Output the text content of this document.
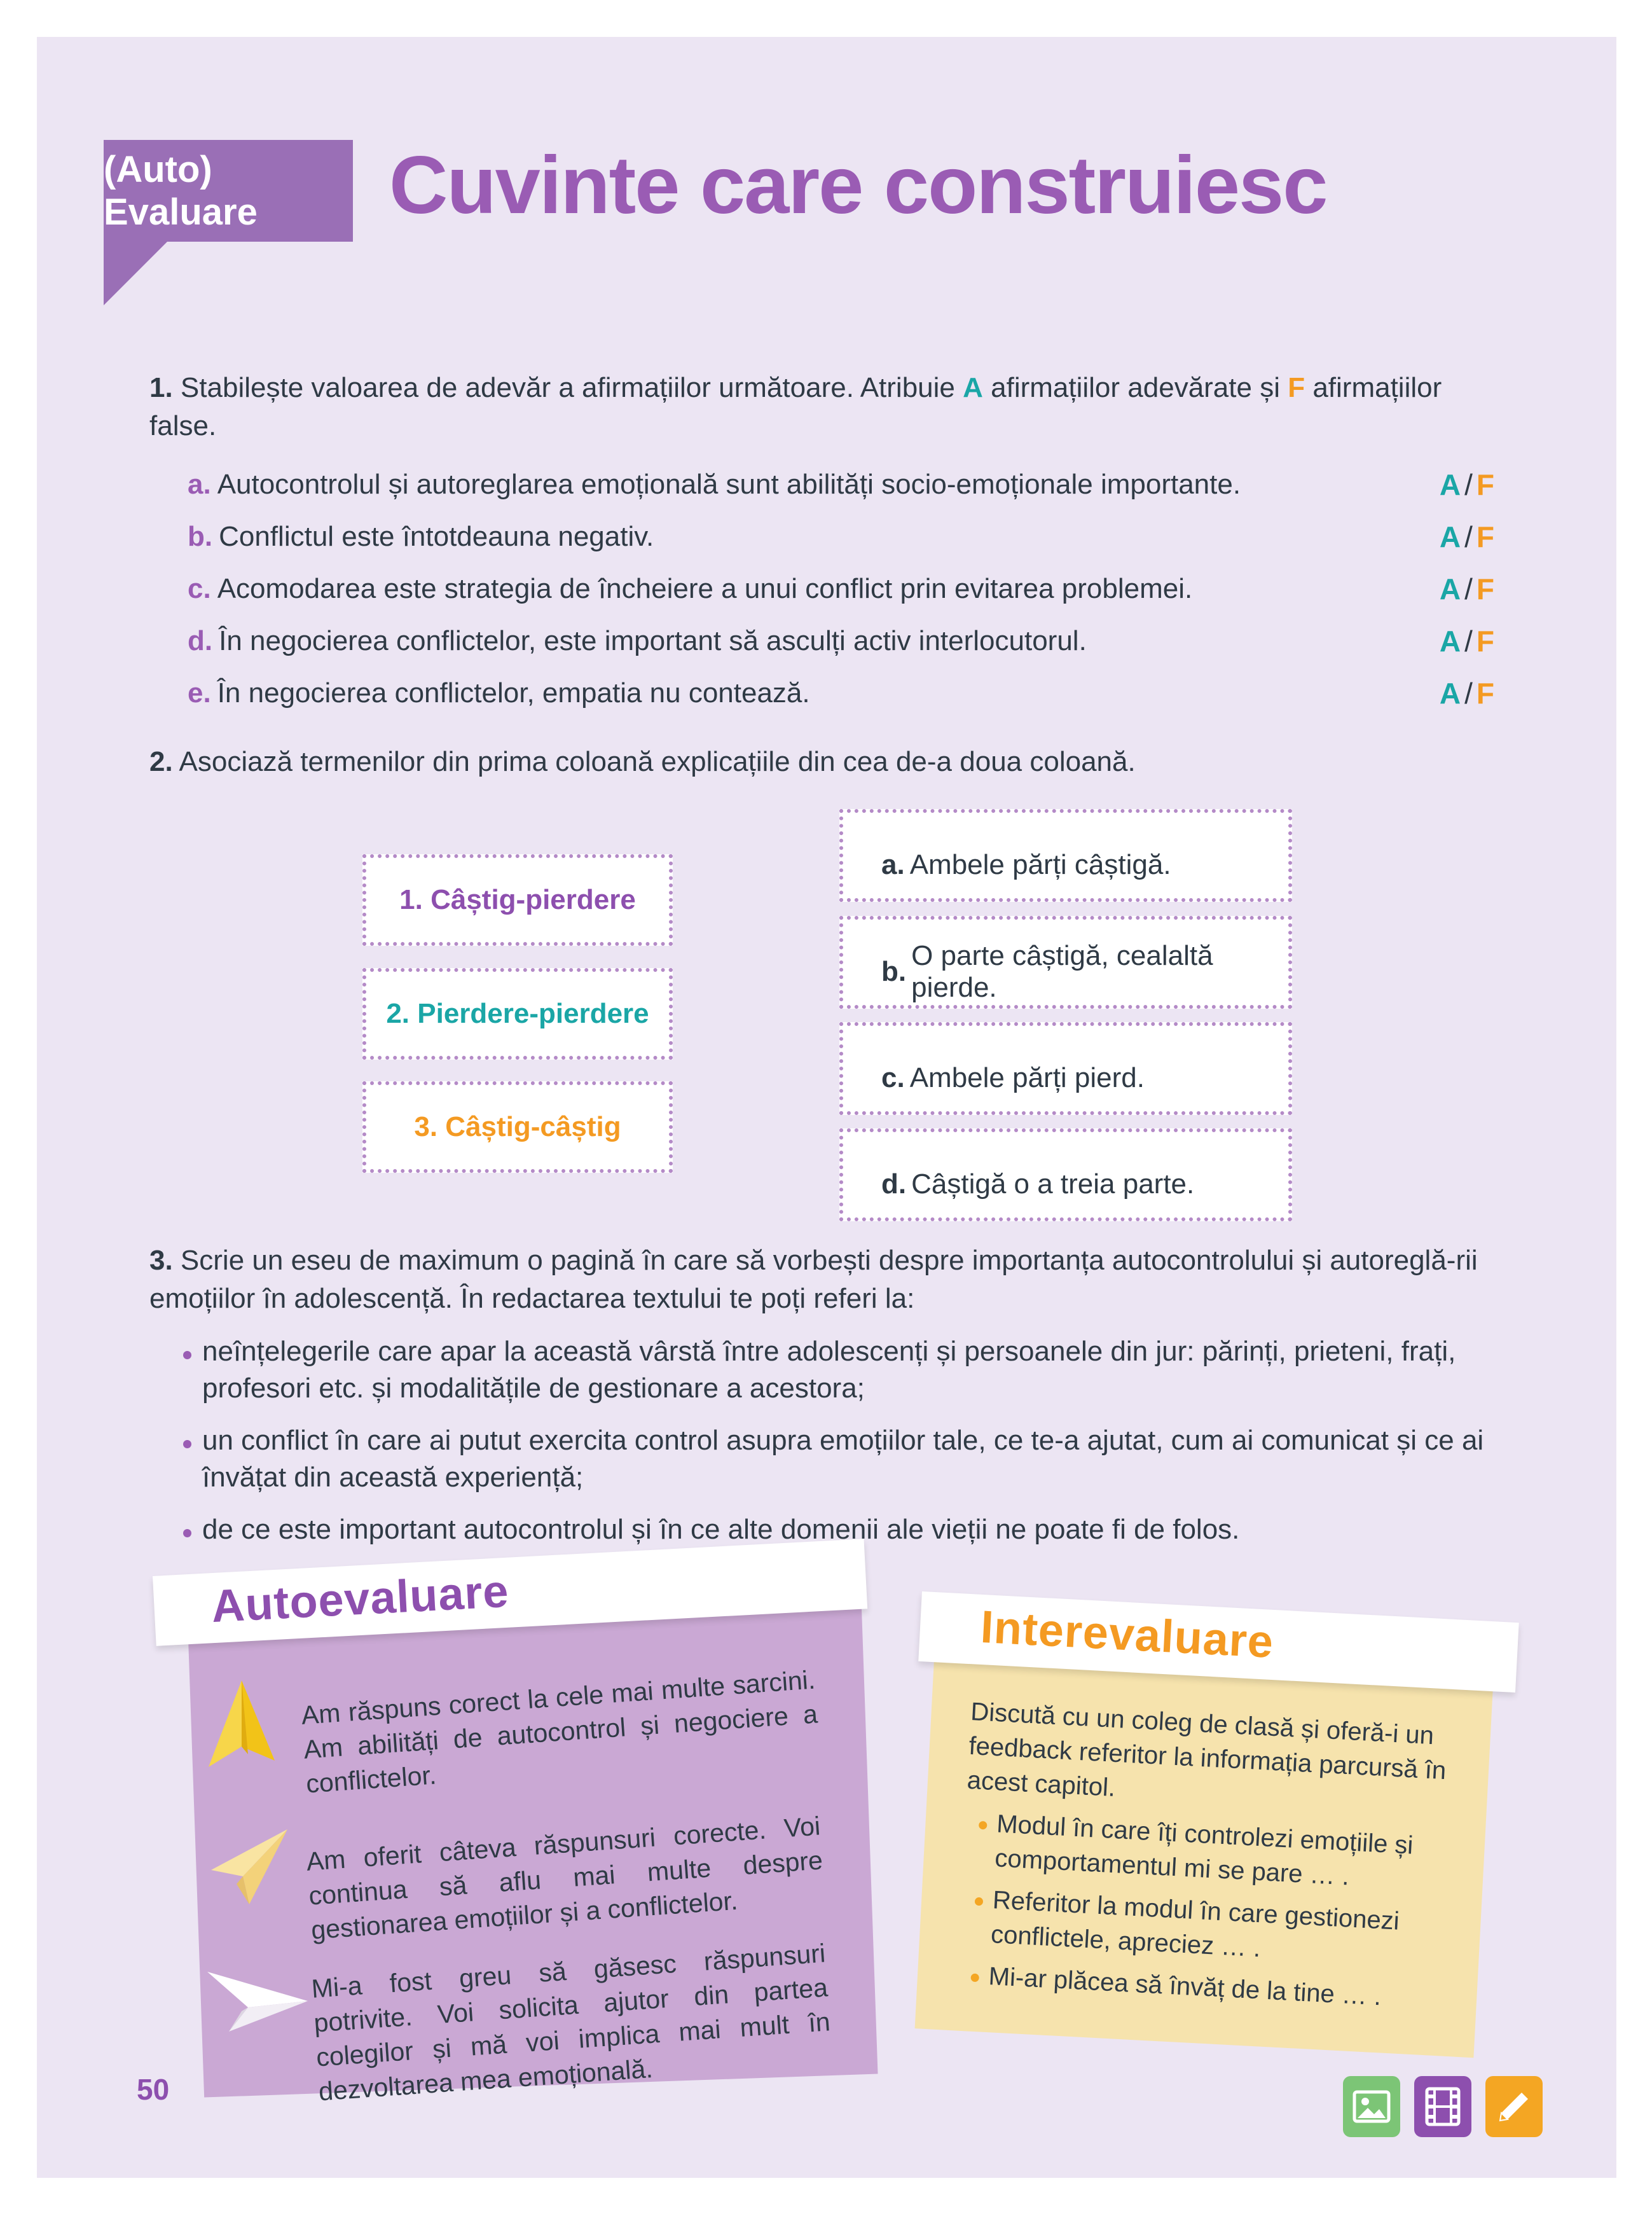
(Auto) Evaluare	Cuvinte care construiesc
1. Stabilește valoarea de adevăr a afirmațiilor următoare. Atribuie A afirmațiilor adevărate și F afirmațiilor false.
a. Autocontrolul și autoreglarea emoțională sunt abilități socio-emoționale importante.	A / F
b. Conflictul este întotdeauna negativ.	A / F
c. Acomodarea este strategia de încheiere a unui conflict prin evitarea problemei.	A / F
d. În negocierea conflictelor, este important să asculți activ interlocutorul.	A / F
e. În negocierea conflictelor, empatia nu contează.	A / F
2. Asociază termenilor din prima coloană explicațiile din cea de-a doua coloană.
1. Câștig-pierdere
2. Pierdere-pierdere
3. Câștig-câștig
a. Ambele părți câștigă.
b.
O parte câștigă, cealaltă pierde.
c. Ambele părți pierd.
d. Câștigă o a treia parte.
3. Scrie un eseu de maximum o pagină în care să vorbești despre importanța autocontrolului și autoreglă-rii emoțiilor în adolescență. În redactarea textului te poți referi la:
neînțelegerile care apar la această vârstă între adolescenți și persoanele din jur: părinți, prieteni, frați, profesori etc. și modalitățile de gestionare a acestora;
un conflict în care ai putut exercita control asupra emoțiilor tale, ce te-a ajutat, cum ai comunicat și ce ai învățat din această experiență;
de ce este important autocontrolul și în ce alte domenii ale vieții ne poate fi de folos.
Autoevaluare
Am răspuns corect la cele mai multe sarcini. Am abilități de autocontrol și negociere a conflictelor.
Am oferit câteva răspunsuri corecte. Voi continua să aflu mai multe despre gestionarea emoțiilor și a conflictelor.
Mi-a fost greu să găsesc răspunsuri potrivite. Voi solicita ajutor din partea colegilor și mă voi implica mai mult în dezvoltarea mea emoțională.
Interevaluare
Discută cu un coleg de clasă și oferă-i un feedback referitor la informația parcursă în acest capitol.
Modul în care îți controlezi emoțiile și comportamentul mi se pare … .
Referitor la modul în care gestionezi conflictele, apreciez … .
Mi-ar plăcea să învăț de la tine … .
50
